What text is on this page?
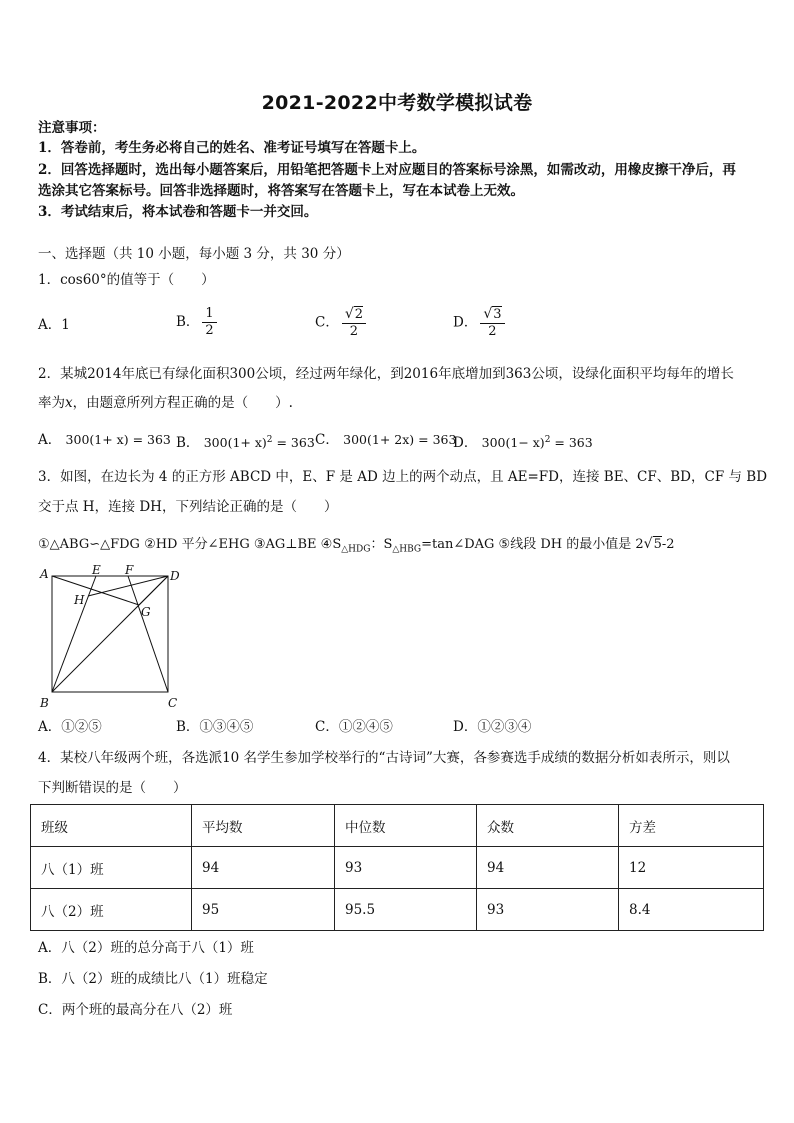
2021-2022中考数学模拟试卷
注意事项：
1．答卷前，考生务必将自己的姓名、准考证号填写在答题卡上。
2．回答选择题时，选出每小题答案后，用铅笔把答题卡上对应题目的答案标号涂黑，如需改动，用橡皮擦干净后，再
选涂其它答案标号。回答非选择题时，将答案写在答题卡上，写在本试卷上无效。
3．考试结束后，将本试卷和答题卡一并交回。
一、选择题（共 10 小题，每小题 3 分，共 30 分）
1．cos60°的值等于（　　）
A．1	B． $\frac{1}{2}$	C． $\frac{√2}{2}$	D． $\frac{√3}{2}$
2．某城2014年底已有绿化面积300公顷，经过两年绿化，到2016年底增加到363公顷，设绿化面积平均每年的增长
率为x，由题意所列方程正确的是（　　）.
A． 300(1+ x) = 363 B． $300(1+ x)^2 = 363$ C． 300(1+ 2x) = 363
D． $300(1- x)^2 = 363$
3．如图，在边长为 4 的正方形 ABCD 中，E、F 是 AD 边上的两个动点，且 AE=FD，连接 BE、CF、BD，CF 与 BD
交于点 H，连接 DH，下列结论正确的是（　　）
①△ABG∽△FDG ②HD 平分∠EHG ③AG⊥BE $④S_{\triangle HDG}$：$S_{\triangle HBG}=\tan\angle DAG$ ⑤线段 DH 的最小值是 2√5-2
A	E F	D
H
G
B	C
A．①②⑤	B．①③④⑤	C．①②④⑤	D．①②③④
4．某校八年级两个班，各选派10 名学生参加学校举行的“古诗词”大赛，各参赛选手成绩的数据分析如表所示，则以
下判断错误的是（　　）
班级	平均数	中位数	众数	方差
八（1）班	94	93	94	12
八（2）班	95	95.5	93	8.4
A．八（2）班的总分高于八（1）班
B．八（2）班的成绩比八（1）班稳定
C．两个班的最高分在八（2）班
